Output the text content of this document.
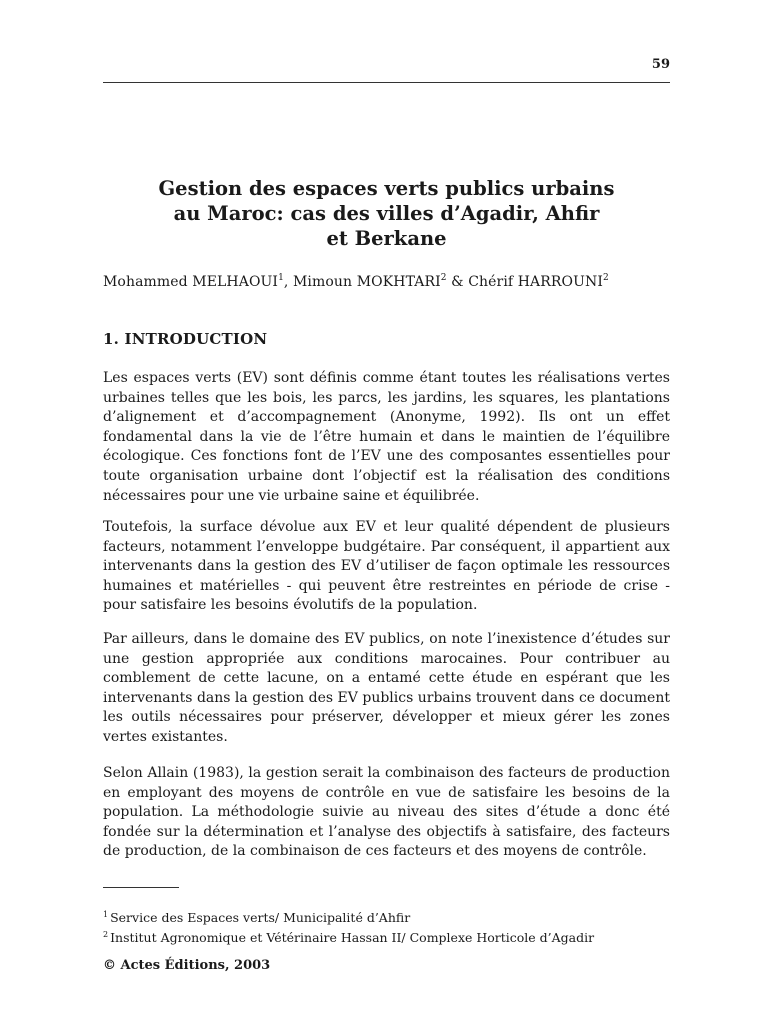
59
Gestion des espaces verts publics urbains
au Maroc: cas des villes d’Agadir, Ahfir
et Berkane
Mohammed MELHAOUI$^1$, Mimoun MOKHTARI$^2$ & Chérif HARROUNI$^2$
1. INTRODUCTION

Les espaces verts (EV) sont définis comme étant toutes les réalisations vertes urbaines telles que les bois, les parcs, les jardins, les squares, les plantations d’alignement et d’accompagnement (Anonyme, 1992). Ils ont un effet fondamental dans la vie de l’être humain et dans le maintien de l’équilibre écologique. Ces fonctions font de l’EV une des composantes essentielles pour toute organisation urbaine dont l’objectif est la réalisation des conditions nécessaires pour une vie urbaine saine et équilibrée.

Toutefois, la surface dévolue aux EV et leur qualité dépendent de plusieurs facteurs, notamment l’enveloppe budgétaire. Par conséquent, il appartient aux intervenants dans la gestion des EV d’utiliser de façon optimale les ressources humaines et matérielles - qui peuvent être restreintes en période de crise - pour satisfaire les besoins évolutifs de la population.

Par ailleurs, dans le domaine des EV publics, on note l’inexistence d’études sur une gestion appropriée aux conditions marocaines. Pour contribuer au comblement de cette lacune, on a entamé cette étude en espérant que les intervenants dans la gestion des EV publics urbains trouvent dans ce document les outils nécessaires pour préserver, développer et mieux gérer les zones vertes existantes.

Selon Allain (1983), la gestion serait la combinaison des facteurs de production en employant des moyens de contrôle en vue de satisfaire les besoins de la population. La méthodologie suivie au niveau des sites d’étude a donc été fondée sur la détermination et l’analyse des objectifs à satisfaire, des facteurs de production, de la combinaison de ces facteurs et des moyens de contrôle.

$^1$ Service des Espaces verts/ Municipalité d’Ahfir
$^2$ Institut Agronomique et Vétérinaire Hassan II/ Complexe Horticole d’Agadir
© Actes Éditions, 2003
